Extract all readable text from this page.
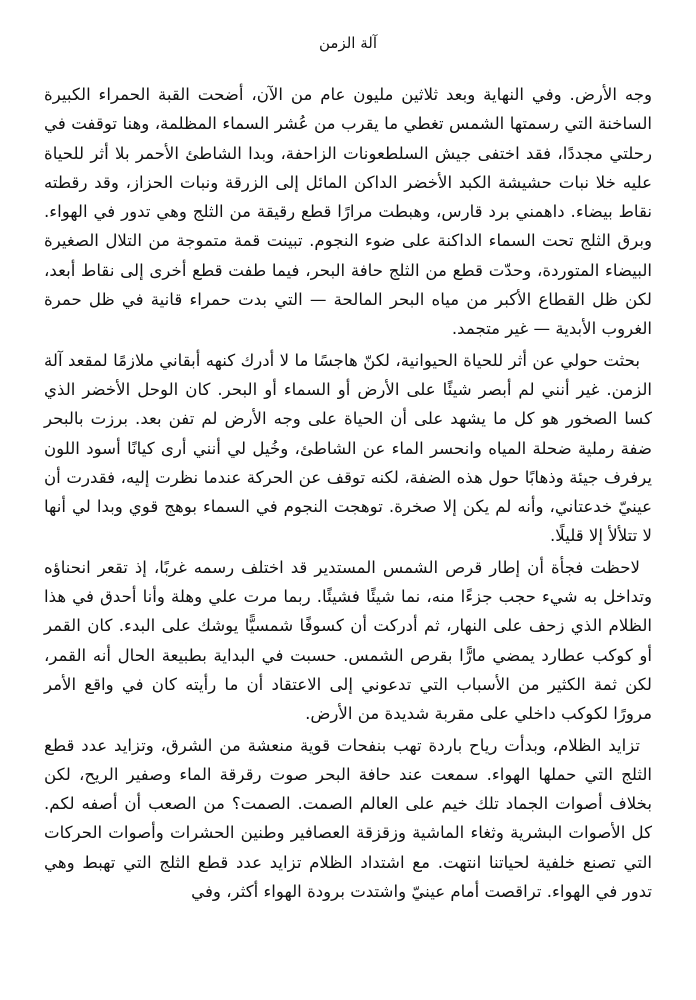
آلة الزمن

وجه الأرض. وفي النهاية وبعد ثلاثين مليون عام من الآن، أضحت القبة الحمراء الكبيرة الساخنة التي رسمتها الشمس تغطي ما يقرب من عُشر السماء المظلمة، وهنا توقفت في رحلتي مجددًا، فقد اختفى جيش السلطعونات الزاحفة، وبدا الشاطئ الأحمر بلا أثر للحياة عليه خلا نبات حشيشة الكبد الأخضر الداكن المائل إلى الزرقة ونبات الحزاز، وقد رقطته نقاط بيضاء. داهمني برد قارس، وهبطت مرارًا قطع رقيقة من الثلج وهي تدور في الهواء. وبرق الثلج تحت السماء الداكنة على ضوء النجوم. تبينت قمة متموجة من التلال الصغيرة البيضاء المتوردة، وحدّت قطع من الثلج حافة البحر، فيما طفت قطع أخرى إلى نقاط أبعد، لكن ظل القطاع الأكبر من مياه البحر المالحة — التي بدت حمراء قانية في ظل حمرة الغروب الأبدية — غير متجمد.

بحثت حولي عن أثر للحياة الحيوانية، لكنّ هاجسًا ما لا أدرك كنهه أبقاني ملازمًا لمقعد آلة الزمن. غير أنني لم أبصر شيئًا على الأرض أو السماء أو البحر. كان الوحل الأخضر الذي كسا الصخور هو كل ما يشهد على أن الحياة على وجه الأرض لم تفن بعد. برزت بالبحر ضفة رملية ضحلة المياه وانحسر الماء عن الشاطئ، وخُيل لي أنني أرى كيانًا أسود اللون يرفرف جيئة وذهابًا حول هذه الضفة، لكنه توقف عن الحركة عندما نظرت إليه، فقدرت أن عينيّ خدعتاني، وأنه لم يكن إلا صخرة. توهجت النجوم في السماء بوهج قوي وبدا لي أنها لا تتلألأ إلا قليلًا.

لاحظت فجأة أن إطار قرص الشمس المستدير قد اختلف رسمه غربًا، إذ تقعر انحناؤه وتداخل به شيء حجب جزءًا منه، نما شيئًا فشيئًا. ربما مرت علي وهلة وأنا أحدق في هذا الظلام الذي زحف على النهار، ثم أدركت أن كسوفًا شمسيًّا يوشك على البدء. كان القمر أو كوكب عطارد يمضي مارًّا بقرص الشمس. حسبت في البداية بطبيعة الحال أنه القمر، لكن ثمة الكثير من الأسباب التي تدعوني إلى الاعتقاد أن ما رأيته كان في واقع الأمر مرورًا لكوكب داخلي على مقربة شديدة من الأرض.

تزايد الظلام، وبدأت رياح باردة تهب بنفحات قوية منعشة من الشرق، وتزايد عدد قطع الثلج التي حملها الهواء. سمعت عند حافة البحر صوت رقرقة الماء وصفير الريح، لكن بخلاف أصوات الجماد تلك خيم على العالم الصمت. الصمت؟ من الصعب أن أصفه لكم. كل الأصوات البشرية وثغاء الماشية وزقزقة العصافير وطنين الحشرات وأصوات الحركات التي تصنع خلفية لحياتنا انتهت. مع اشتداد الظلام تزايد عدد قطع الثلج التي تهبط وهي تدور في الهواء. تراقصت أمام عينيّ واشتدت برودة الهواء أكثر، وفي
